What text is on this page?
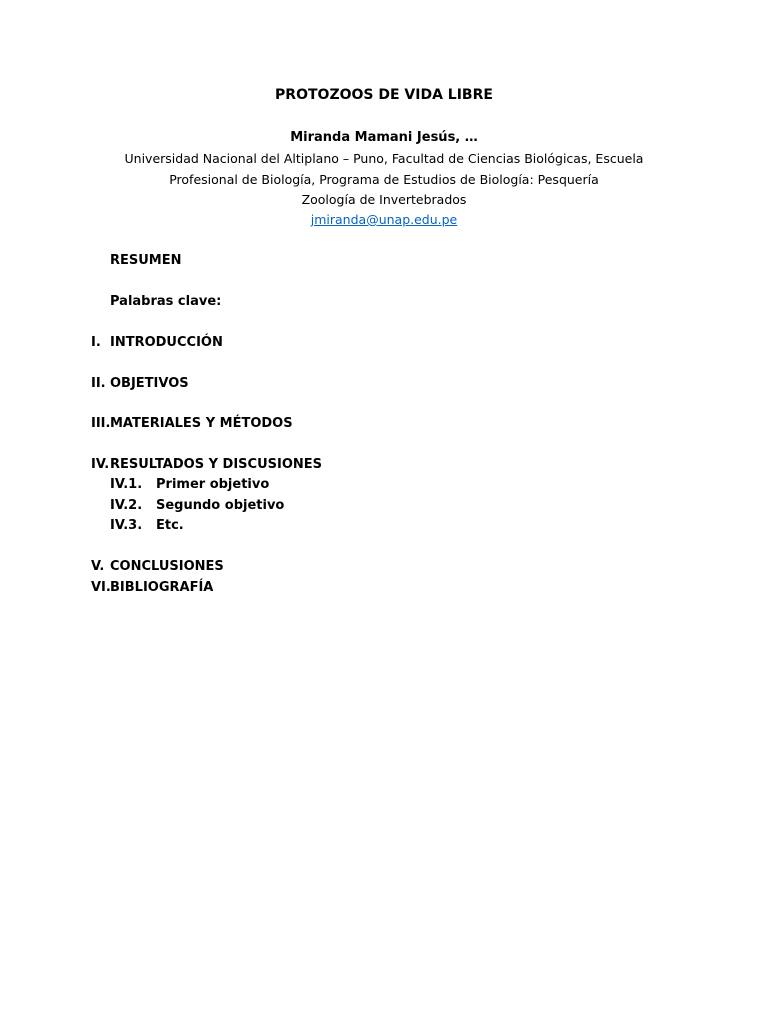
PROTOZOOS DE VIDA LIBRE
Miranda Mamani Jesús, …
Universidad Nacional del Altiplano – Puno, Facultad de Ciencias Biológicas, Escuela
Profesional de Biología, Programa de Estudios de Biología: Pesquería
Zoología de Invertebrados
jmiranda@unap.edu.pe
RESUMEN
Palabras clave:
I. INTRODUCCIÓN
II. OBJETIVOS
III. MATERIALES Y MÉTODOS
IV. RESULTADOS Y DISCUSIONES
IV.1. Primer objetivo
IV.2. Segundo objetivo
IV.3. Etc.
V. CONCLUSIONES
VI. BIBLIOGRAFÍA
